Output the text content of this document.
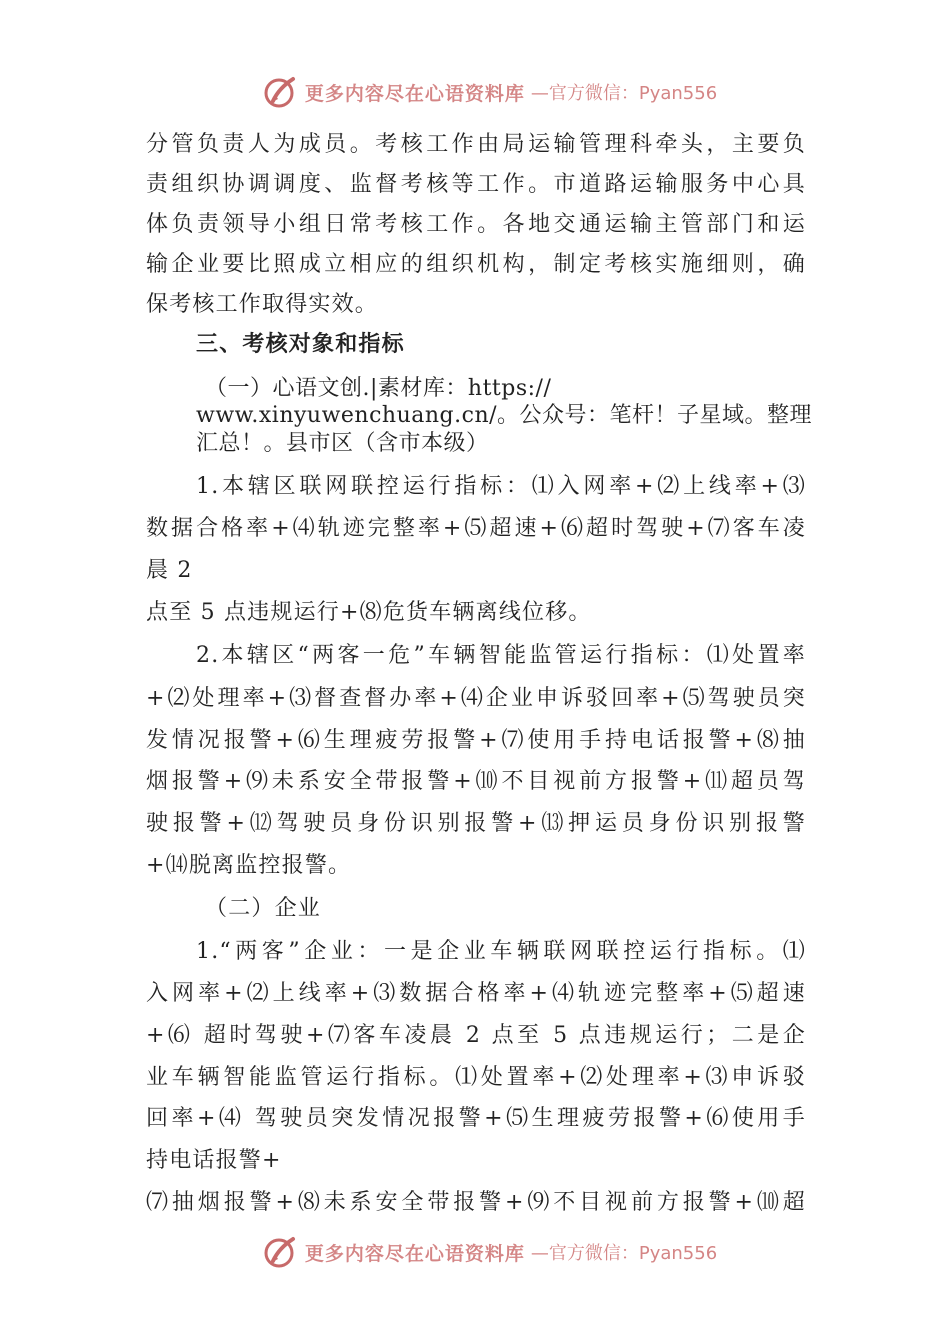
更多内容尽在心语资料库 —官方微信：Pyan556
分管负责人为成员。考核工作由局运输管理科牵头，主要负
责组织协调调度、监督考核等工作。市道路运输服务中心具
体负责领导小组日常考核工作。各地交通运输主管部门和运
输企业要比照成立相应的组织机构，制定考核实施细则，确
保考核工作取得实效。
三、考核对象和指标
（一）心语文创.|素材库：https://
www.xinyuwenchuang.cn/。公众号：笔杆！子星域。整理
汇总！。县市区（含市本级）
1.本辖区联网联控运行指标：⑴入网率+⑵上线率+⑶
数据合格率+⑷轨迹完整率+⑸超速+⑹超时驾驶+⑺客车凌
晨 2
点至 5 点违规运行+⑻危货车辆离线位移。
2.本辖区“两客一危”车辆智能监管运行指标：⑴处置率
+⑵处理率+⑶督查督办率+⑷企业申诉驳回率+⑸驾驶员突
发情况报警+⑹生理疲劳报警+⑺使用手持电话报警+⑻抽
烟报警+⑼未系安全带报警+⑽不目视前方报警+⑾超员驾
驶报警+⑿驾驶员身份识别报警+⒀押运员身份识别报警
+⒁脱离监控报警。
（二）企业
1.“两客”企业：一是企业车辆联网联控运行指标。⑴
入网率+⑵上线率+⑶数据合格率+⑷轨迹完整率+⑸超速
+⑹ 超时驾驶+⑺客车凌晨 2 点至 5 点违规运行；二是企
业车辆智能监管运行指标。⑴处置率+⑵处理率+⑶申诉驳
回率+⑷ 驾驶员突发情况报警+⑸生理疲劳报警+⑹使用手
持电话报警+
⑺抽烟报警+⑻未系安全带报警+⑼不目视前方报警+⑽超
更多内容尽在心语资料库 —官方微信：Pyan556
